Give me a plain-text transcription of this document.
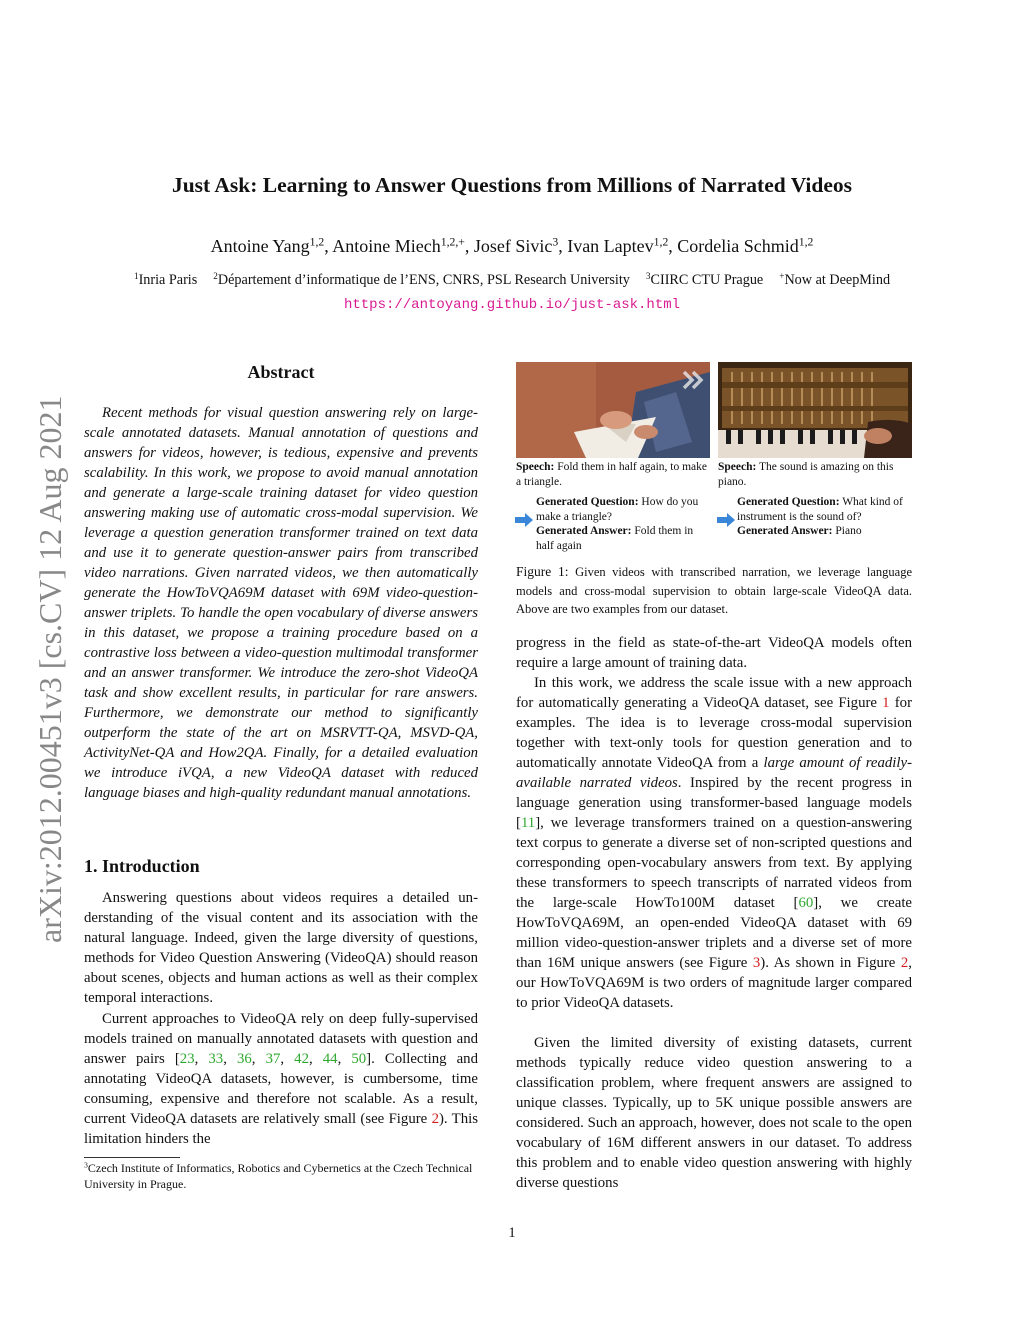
Just Ask: Learning to Answer Questions from Millions of Narrated Videos
Antoine Yang$^{1,2}$, Antoine Miech$^{1,2,+}$, Josef Sivic$^3$, Ivan Laptev$^{1,2}$, Cordelia Schmid$^{1,2}$
$^1$Inria Paris $^2$Département d’informatique de l’ENS, CNRS, PSL Research University $^3$CIIRC CTU Prague +Now at DeepMind
https://antoyang.github.io/just-ask.html
arXiv:2012.00451v3 [cs.CV] 12 Aug 2021
Abstract

Recent methods for visual question answering rely on large-scale annotated datasets. Manual annotation of questions and answers for videos, however, is tedious, expensive and prevents scalability. In this work, we propose to avoid manual annotation and generate a large-scale training dataset for video question answering making use of automatic cross-modal supervision. We leverage a question generation transformer trained on text data and use it to generate question-answer pairs from transcribed video narrations. Given narrated videos, we then automatically generate the HowToVQA69M dataset with 69M video-question-answer triplets. To handle the open vocabulary of diverse answers in this dataset, we propose a training procedure based on a contrastive loss between a video-question multimodal transformer and an answer transformer. We introduce the zero-shot VideoQA task and show excellent results, in particular for rare answers. Furthermore, we demonstrate our method to significantly outperform the state of the art on MSRVTT-QA, MSVD-QA, ActivityNet-QA and How2QA. Finally, for a detailed evaluation we introduce iVQA, a new VideoQA dataset with reduced language biases and high-quality redundant manual annotations.

1. Introduction

Answering questions about videos requires a detailed understanding of the visual content and its association with the natural language. Indeed, given the large diversity of questions, methods for Video Question Answering (VideoQA) should reason about scenes, objects and human actions as well as their complex temporal interactions.

Current approaches to VideoQA rely on deep fully-supervised models trained on manually annotated datasets with question and answer pairs [23, 33, 36, 37, 42, 44, 50]. Collecting and annotating VideoQA datasets, however, is cumbersome, time consuming, expensive and therefore not scalable. As a result, current VideoQA datasets are relatively small (see Figure 2). This limitation hinders the

$^3$Czech Institute of Informatics, Robotics and Cybernetics at the Czech Technical University in Prague.
Speech: Fold them in half again, to make a triangle.
Speech: The sound is amazing on this piano.
Generated Question: How do you make a triangle?
Generated Answer: Fold them in half again
Generated Question: What kind of instrument is the sound of?
Generated Answer: Piano
Figure 1: Given videos with transcribed narration, we leverage language models and cross-modal supervision to obtain large-scale VideoQA data. Above are two examples from our dataset.

progress in the field as state-of-the-art VideoQA models often require a large amount of training data.

In this work, we address the scale issue with a new approach for automatically generating a VideoQA dataset, see Figure 1 for examples. The idea is to leverage cross-modal supervision together with text-only tools for question generation and to automatically annotate VideoQA from a large amount of readily-available narrated videos. Inspired by the recent progress in language generation using transformer-based language models [11], we leverage transformers trained on a question-answering text corpus to generate a diverse set of non-scripted questions and corresponding open-vocabulary answers from text. By applying these transformers to speech transcripts of narrated videos from the large-scale HowTo100M dataset [60], we create HowToVQA69M, an open-ended VideoQA dataset with 69 million video-question-answer triplets and a diverse set of more than 16M unique answers (see Figure 3). As shown in Figure 2, our HowToVQA69M is two orders of magnitude larger compared to prior VideoQA datasets.

Given the limited diversity of existing datasets, current methods typically reduce video question answering to a classification problem, where frequent answers are assigned to unique classes. Typically, up to 5K unique possible answers are considered. Such an approach, however, does not scale to the open vocabulary of 16M different answers in our dataset. To address this problem and to enable video question answering with highly diverse questions

1
